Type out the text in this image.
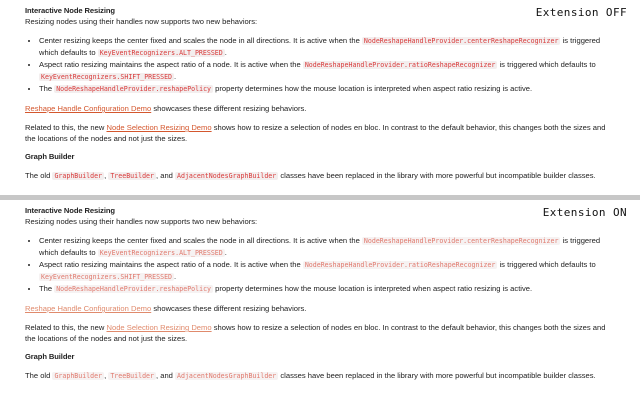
Extension OFF

Interactive Node Resizing

Resizing nodes using their handles now supports two new behaviors:

• Center resizing keeps the center fixed and scales the node in all directions. It is active when the NodeReshapeHandleProvider.centerReshapeRecognizer is triggered which defaults to KeyEventRecognizers.ALT_PRESSED .
• Aspect ratio resizing maintains the aspect ratio of a node. It is active when the NodeReshapeHandleProvider.ratioReshapeRecognizer is triggered which defaults to KeyEventRecognizers.SHIFT_PRESSED .
• The NodeReshapeHandleProvider.reshapePolicy property determines how the mouse location is interpreted when aspect ratio resizing is active.

Reshape Handle Configuration Demo showcases these different resizing behaviors.

Related to this, the new Node Selection Resizing Demo shows how to resize a selection of nodes en bloc. In contrast to the default behavior, this changes both the sizes and the locations of the nodes and not just the sizes.

Graph Builder

The old GraphBuilder , TreeBuilder , and AdjacentNodesGraphBuilder classes have been replaced in the library with more powerful but incompatible builder classes.

Extension ON

Interactive Node Resizing

Resizing nodes using their handles now supports two new behaviors:

• Center resizing keeps the center fixed and scales the node in all directions. It is active when the NodeReshapeHandleProvider.centerReshapeRecognizer is triggered which defaults to KeyEventRecognizers.ALT_PRESSED .
• Aspect ratio resizing maintains the aspect ratio of a node. It is active when the NodeReshapeHandleProvider.ratioReshapeRecognizer is triggered which defaults to KeyEventRecognizers.SHIFT_PRESSED .
• The NodeReshapeHandleProvider.reshapePolicy property determines how the mouse location is interpreted when aspect ratio resizing is active.

Reshape Handle Configuration Demo showcases these different resizing behaviors.

Related to this, the new Node Selection Resizing Demo shows how to resize a selection of nodes en bloc. In contrast to the default behavior, this changes both the sizes and the locations of the nodes and not just the sizes.

Graph Builder

The old GraphBuilder , TreeBuilder , and AdjacentNodesGraphBuilder classes have been replaced in the library with more powerful but incompatible builder classes.
